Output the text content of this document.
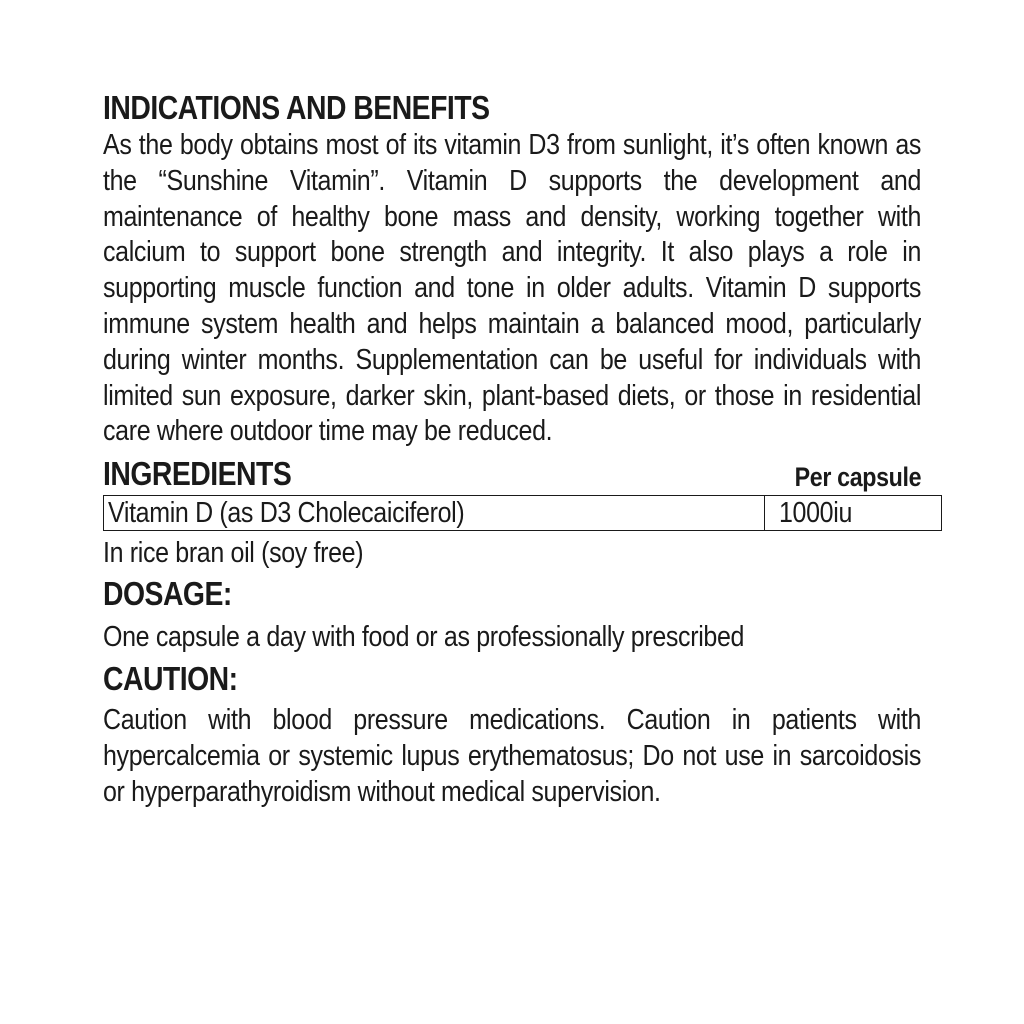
INDICATIONS AND BENEFITS

As the body obtains most of its vitamin D3 from sunlight, it’s often known as the “Sunshine Vitamin”. Vitamin D supports the development and maintenance of healthy bone mass and density, working together with calcium to support bone strength and integrity. It also plays a role in supporting muscle function and tone in older adults. Vitamin D supports immune system health and helps maintain a balanced mood, particularly during winter months. Supplementation can be useful for individuals with limited sun exposure, darker skin, plant-based diets, or those in residential care where outdoor time may be reduced.

INGREDIENTS	Per capsule
Vitamin D (as D3 Cholecaiciferol)	1000iu

In rice bran oil (soy free)

DOSAGE:

One capsule a day with food or as professionally prescribed

CAUTION:

Caution with blood pressure medications. Caution in patients with hypercalcemia or systemic lupus erythematosus; Do not use in sarcoidosis or hyperparathyroidism without medical supervision.
